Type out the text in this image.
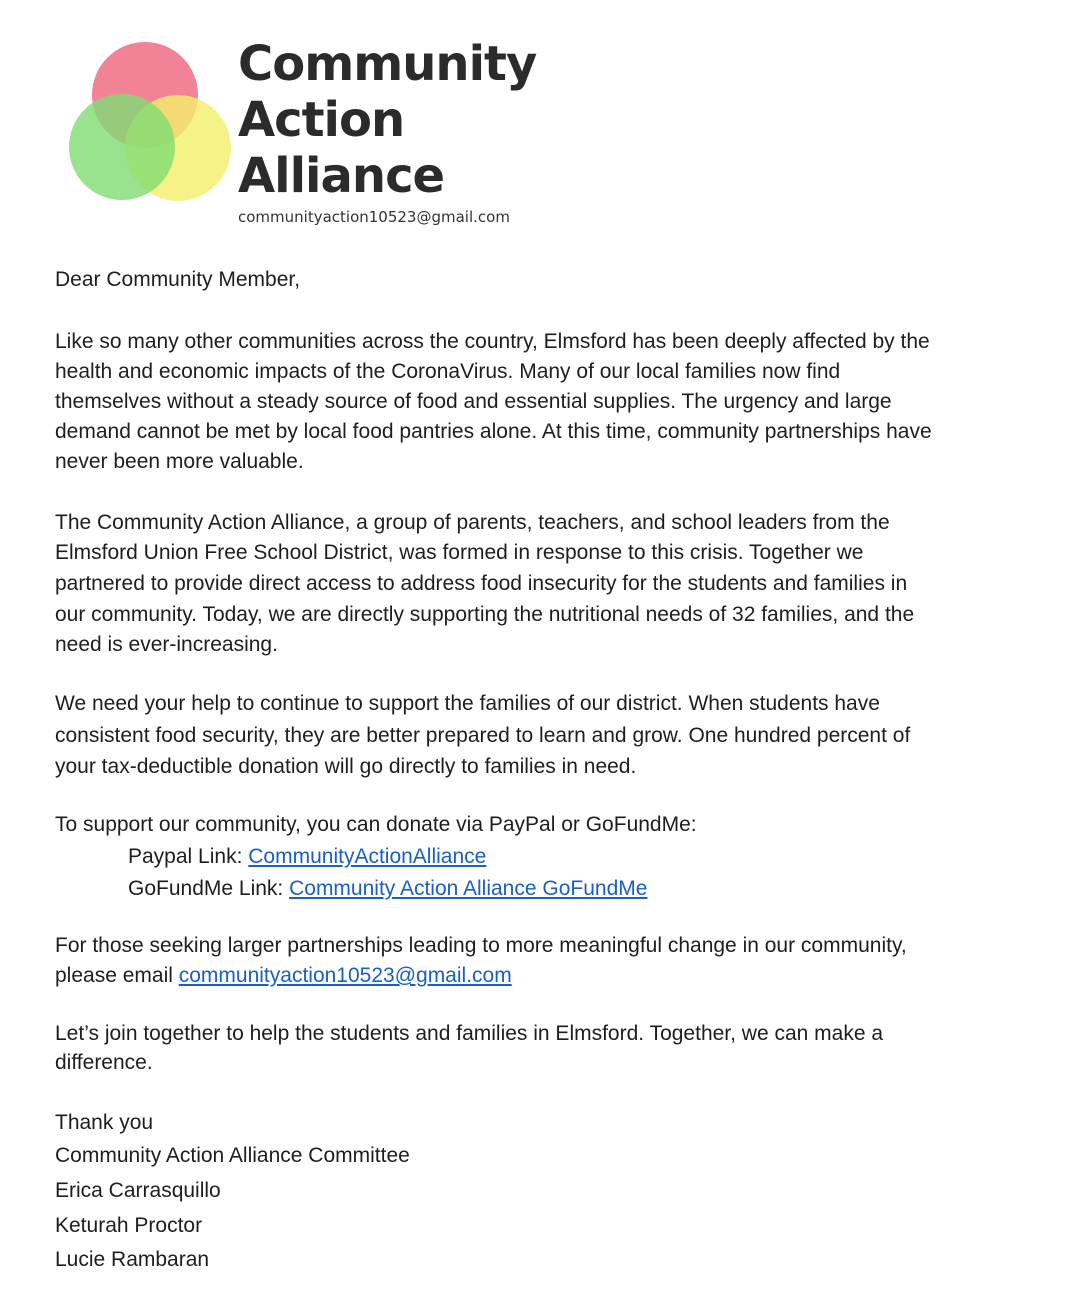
Community
Action
Alliance
communityaction10523@gmail.com
Dear Community Member,
Like so many other communities across the country, Elmsford has been deeply affected by the
health and economic impacts of the CoronaVirus. Many of our local families now find
themselves without a steady source of food and essential supplies. The urgency and large
demand cannot be met by local food pantries alone. At this time, community partnerships have
never been more valuable.
The Community Action Alliance, a group of parents, teachers, and school leaders from the
Elmsford Union Free School District, was formed in response to this crisis. Together we
partnered to provide direct access to address food insecurity for the students and families in
our community. Today, we are directly supporting the nutritional needs of 32 families, and the
need is ever-increasing.
We need your help to continue to support the families of our district. When students have
consistent food security, they are better prepared to learn and grow. One hundred percent of
your tax-deductible donation will go directly to families in need.
To support our community, you can donate via PayPal or GoFundMe:
Paypal Link: CommunityActionAlliance
GoFundMe Link: Community Action Alliance GoFundMe
For those seeking larger partnerships leading to more meaningful change in our community,
please email communityaction10523@gmail.com
Let’s join together to help the students and families in Elmsford. Together, we can make a
difference.
Thank you
Community Action Alliance Committee
Erica Carrasquillo
Keturah Proctor
Lucie Rambaran
